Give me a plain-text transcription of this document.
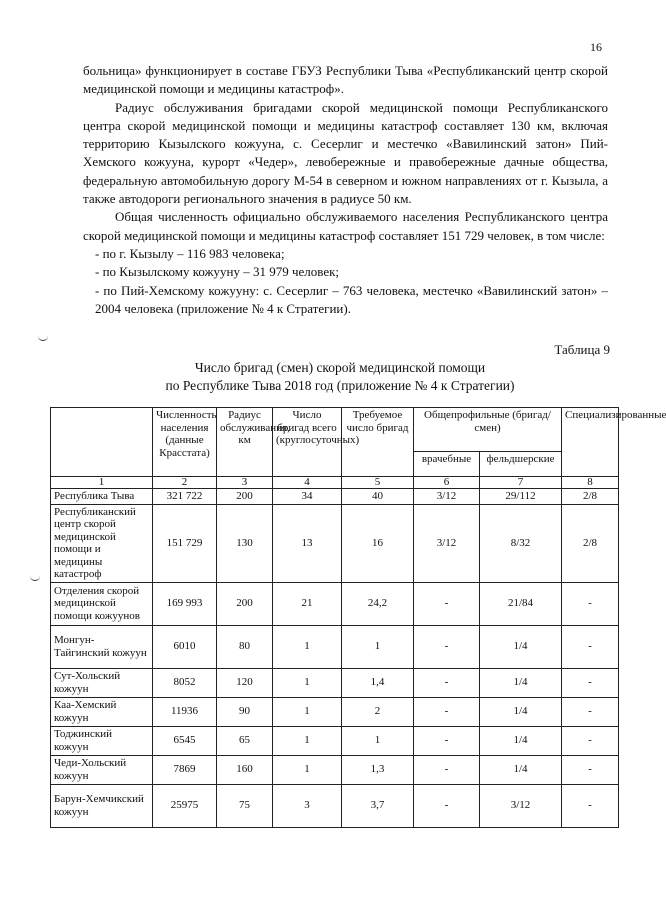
16

больница» функционирует в составе ГБУЗ Республики Тыва «Республиканский центр скорой медицинской помощи и медицины катастроф».

Радиус обслуживания бригадами скорой медицинской помощи Республиканского центра скорой медицинской помощи и медицины катастроф составляет 130 км, включая территорию Кызылского кожууна, с. Сесерлиг и местечко «Вавилинский затон» Пий-Хемского кожууна, курорт «Чедер», левобережные и правобережные дачные общества, федеральную автомобильную дорогу М-54 в северном и южном направлениях от г. Кызыла, а также автодороги регионального значения в радиусе 50 км.

Общая численность официально обслуживаемого населения Республиканского центра скорой медицинской помощи и медицины катастроф составляет 151 729 человек, в том числе:

- по г. Кызылу – 116 983 человека;

- по Кызылскому кожууну – 31 979 человек;

- по Пий-Хемскому кожууну: с. Сесерлиг – 763 человека, местечко «Вавилинский затон» – 2004 человека (приложение № 4 к Стратегии).

Таблица 9
Число бригад (смен) скорой медицинской помощи
по Республике Тыва 2018 год (приложение № 4 к Стратегии)
	Численность населения (данные Красстата)	Радиус обслуживания, км	Число бригад всего (круглосуточных)	Требуемое число бригад	Общепрофильные (бригад/смен)		Специализированные
					врачебные	фельдшерские	
1	2	3	4	5	6	7	8
Республика Тыва	321 722	200	34	40	3/12	29/112	2/8
Республиканский центр скорой медицинской помощи и медицины катастроф	151 729	130	13	16	3/12	8/32	2/8
Отделения скорой медицинской помощи кожуунов	169 993	200	21	24,2	-	21/84	-
Монгун-Тайгинский кожуун	6010	80	1	1	-	1/4	-
Сут-Хольский кожуун	8052	120	1	1,4	-	1/4	-
Каа-Хемский кожуун	11936	90	1	2	-	1/4	-
Тоджинский кожуун	6545	65	1	1	-	1/4	-
Чеди-Хольский кожуун	7869	160	1	1,3	-	1/4	-
Барун-Хемчикский кожуун	25975	75	3	3,7	-	3/12	-
